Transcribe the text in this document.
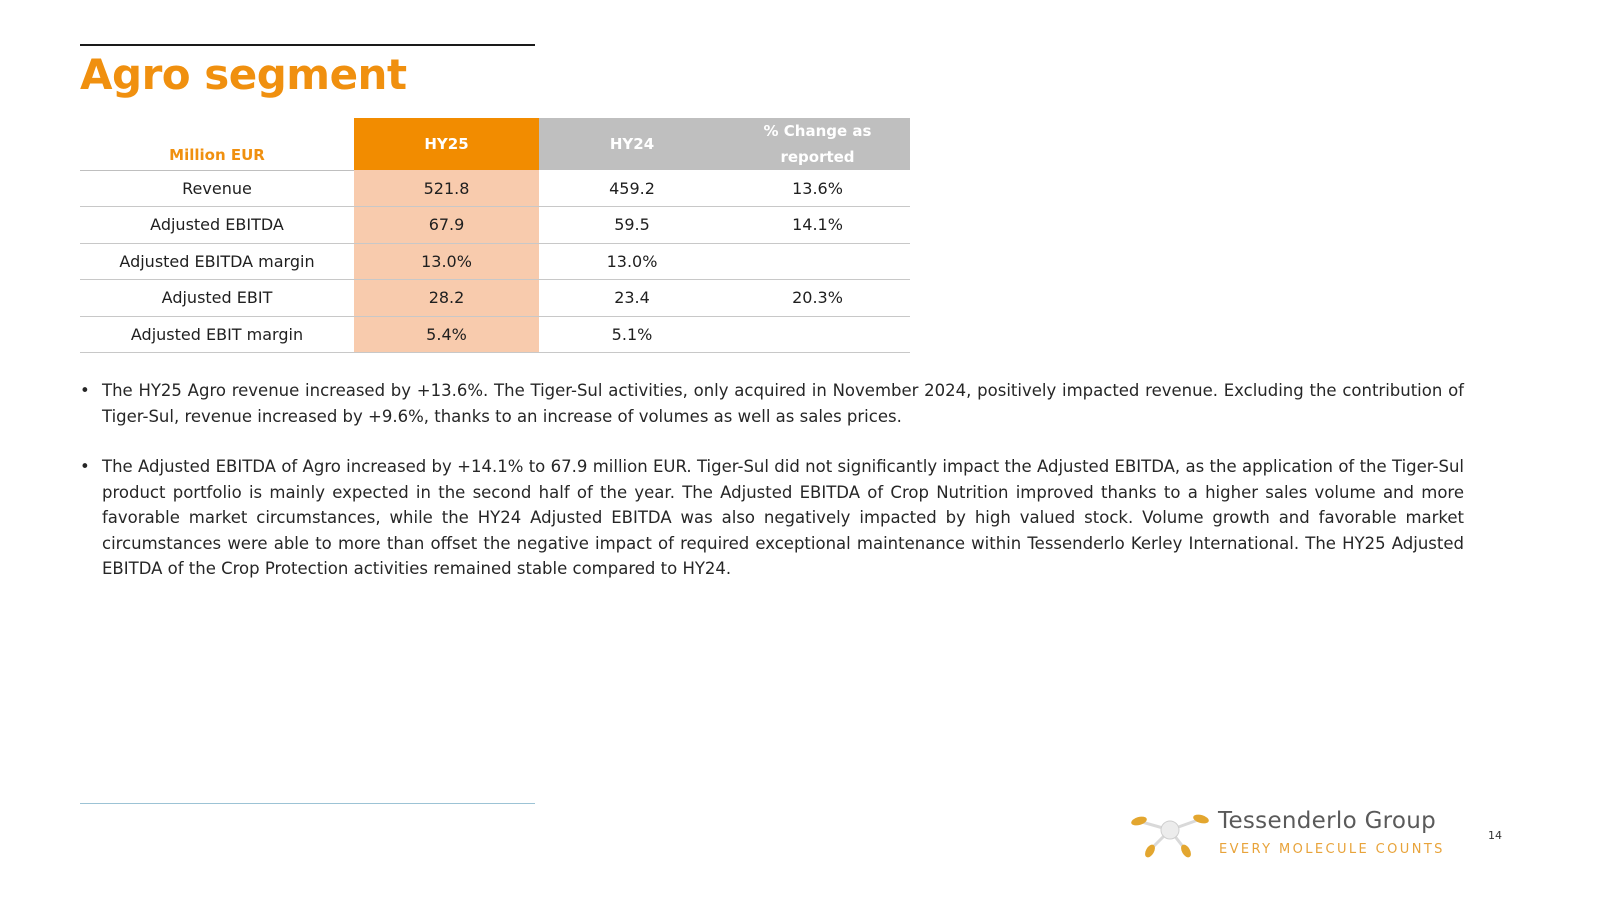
Agro segment
Million EUR	HY25	HY24	% Change as reported
Revenue	521.8	459.2	13.6%
Adjusted EBITDA	67.9	59.5	14.1%
Adjusted EBITDA margin	13.0%	13.0%	
Adjusted EBIT	28.2	23.4	20.3%
Adjusted EBIT margin	5.4%	5.1%	
• The HY25 Agro revenue increased by +13.6%. The Tiger-Sul activities, only acquired in November 2024, positively impacted revenue. Excluding the contribution of Tiger-Sul, revenue increased by +9.6%, thanks to an increase of volumes as well as sales prices.
• The Adjusted EBITDA of Agro increased by +14.1% to 67.9 million EUR. Tiger-Sul did not significantly impact the Adjusted EBITDA, as the application of the Tiger-Sul product portfolio is mainly expected in the second half of the year. The Adjusted EBITDA of Crop Nutrition improved thanks to a higher sales volume and more favorable market circumstances, while the HY24 Adjusted EBITDA was also negatively impacted by high valued stock. Volume growth and favorable market circumstances were able to more than offset the negative impact of required exceptional maintenance within Tessenderlo Kerley International. The HY25 Adjusted EBITDA of the Crop Protection activities remained stable compared to HY24.
Tessenderlo Group
EVERY MOLECULE COUNTS
14
